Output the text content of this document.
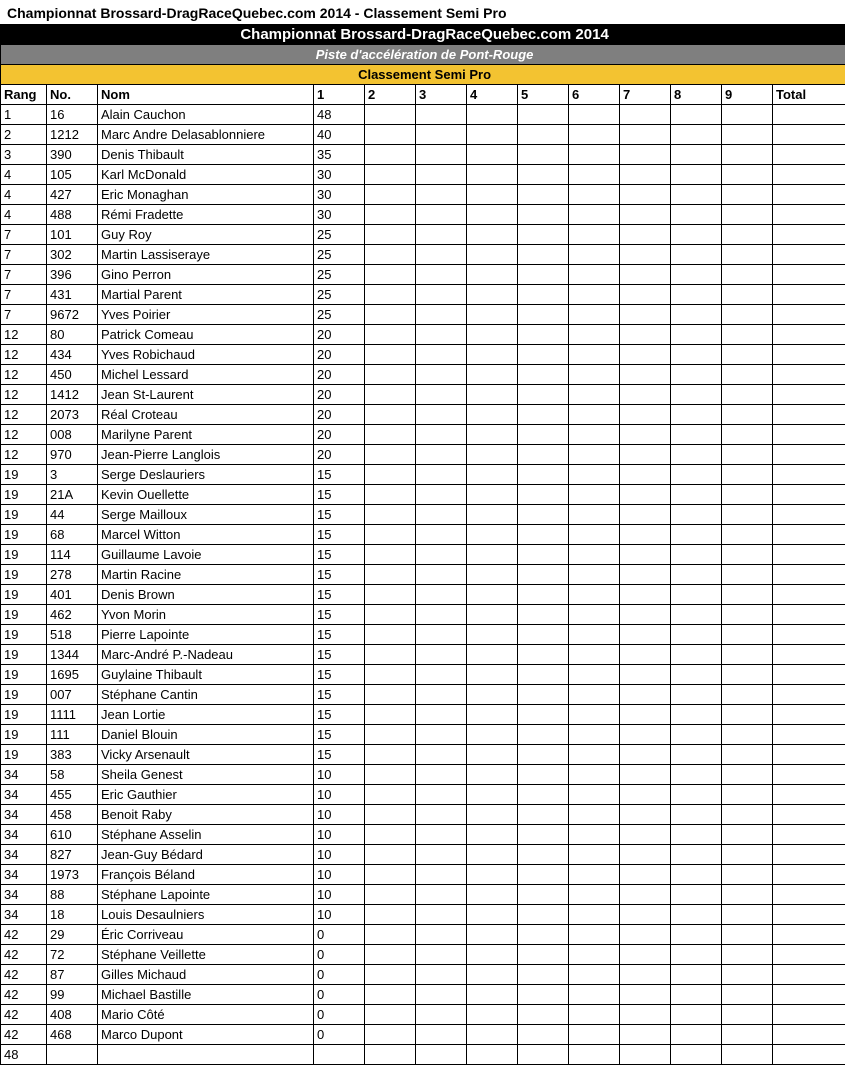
Championnat Brossard-DragRaceQuebec.com 2014 - Classement Semi Pro
Championnat Brossard-DragRaceQuebec.com 2014												
Piste d'accélération de Pont-Rouge												
Classement Semi Pro												
Rang	No.	Nom	1	2	3	4	5	6	7	8	9	Total
1	16	Alain Cauchon	48									
2	1212	Marc Andre Delasablonniere	40									
3	390	Denis Thibault	35									
4	105	Karl McDonald	30									
4	427	Eric Monaghan	30									
4	488	Rémi Fradette	30									
7	101	Guy Roy	25									
7	302	Martin Lassiseraye	25									
7	396	Gino Perron	25									
7	431	Martial Parent	25									
7	9672	Yves Poirier	25									
12	80	Patrick Comeau	20									
12	434	Yves Robichaud	20									
12	450	Michel Lessard	20									
12	1412	Jean St-Laurent	20									
12	2073	Réal Croteau	20									
12	008	Marilyne Parent	20									
12	970	Jean-Pierre Langlois	20									
19	3	Serge Deslauriers	15									
19	21A	Kevin Ouellette	15									
19	44	Serge Mailloux	15									
19	68	Marcel Witton	15									
19	114	Guillaume Lavoie	15									
19	278	Martin Racine	15									
19	401	Denis Brown	15									
19	462	Yvon Morin	15									
19	518	Pierre Lapointe	15									
19	1344	Marc-André P.-Nadeau	15									
19	1695	Guylaine Thibault	15									
19	007	Stéphane Cantin	15									
19	1111	Jean Lortie	15									
19	111	Daniel Blouin	15									
19	383	Vicky Arsenault	15									
34	58	Sheila Genest	10									
34	455	Eric Gauthier	10									
34	458	Benoit Raby	10									
34	610	Stéphane Asselin	10									
34	827	Jean-Guy Bédard	10									
34	1973	François Béland	10									
34	88	Stéphane Lapointe	10									
34	18	Louis Desaulniers	10									
42	29	Éric Corriveau	0									
42	72	Stéphane Veillette	0									
42	87	Gilles Michaud	0									
42	99	Michael Bastille	0									
42	408	Mario Côté	0									
42	468	Marco Dupont	0									
48												
